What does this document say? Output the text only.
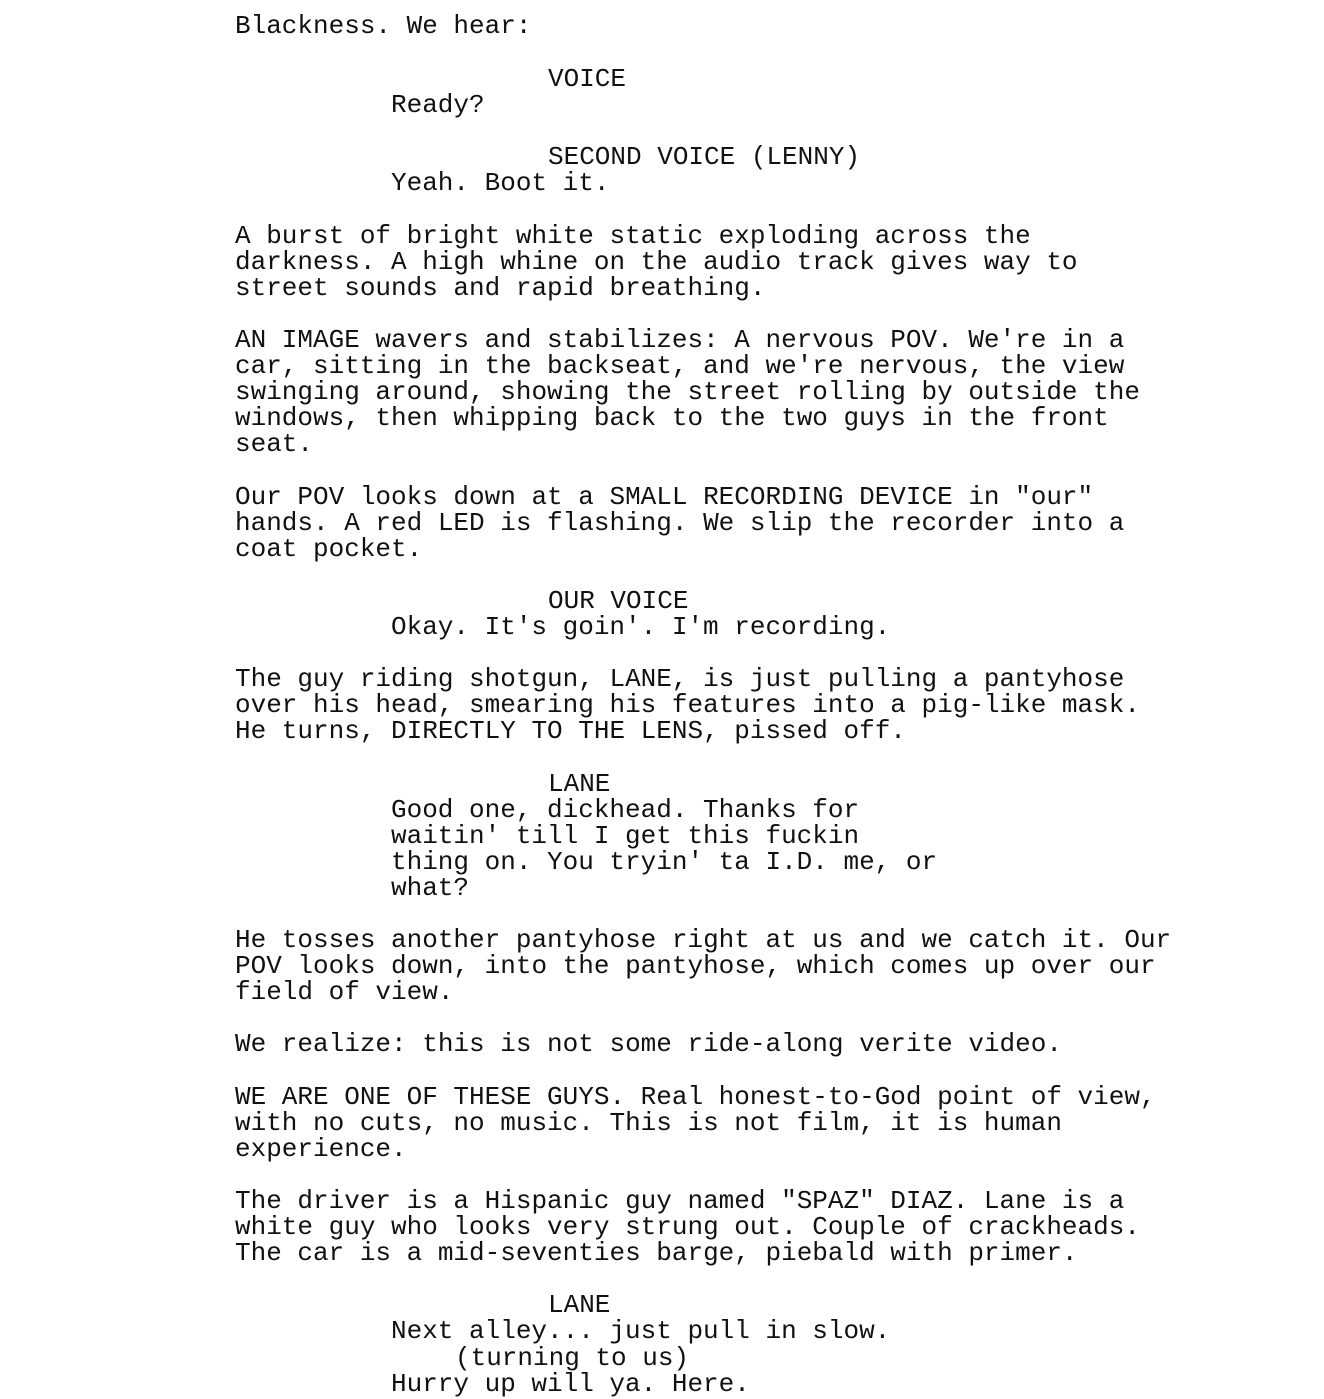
Blackness. We hear:
VOICE
Ready?
SECOND VOICE (LENNY)
Yeah. Boot it.
A burst of bright white static exploding across the
darkness. A high whine on the audio track gives way to
street sounds and rapid breathing.
AN IMAGE wavers and stabilizes: A nervous POV. We're in a
car, sitting in the backseat, and we're nervous, the view
swinging around, showing the street rolling by outside the
windows, then whipping back to the two guys in the front
seat.
Our POV looks down at a SMALL RECORDING DEVICE in "our"
hands. A red LED is flashing. We slip the recorder into a
coat pocket.
OUR VOICE
Okay. It's goin'. I'm recording.
The guy riding shotgun, LANE, is just pulling a pantyhose
over his head, smearing his features into a pig-like mask.
He turns, DIRECTLY TO THE LENS, pissed off.
LANE
Good one, dickhead. Thanks for
waitin' till I get this fuckin
thing on. You tryin' ta I.D. me, or
what?
He tosses another pantyhose right at us and we catch it. Our
POV looks down, into the pantyhose, which comes up over our
field of view.
We realize: this is not some ride-along verite video.
WE ARE ONE OF THESE GUYS. Real honest-to-God point of view,
with no cuts, no music. This is not film, it is human
experience.
The driver is a Hispanic guy named "SPAZ" DIAZ. Lane is a
white guy who looks very strung out. Couple of crackheads.
The car is a mid-seventies barge, piebald with primer.
LANE
Next alley... just pull in slow.
(turning to us)
Hurry up will ya. Here.
